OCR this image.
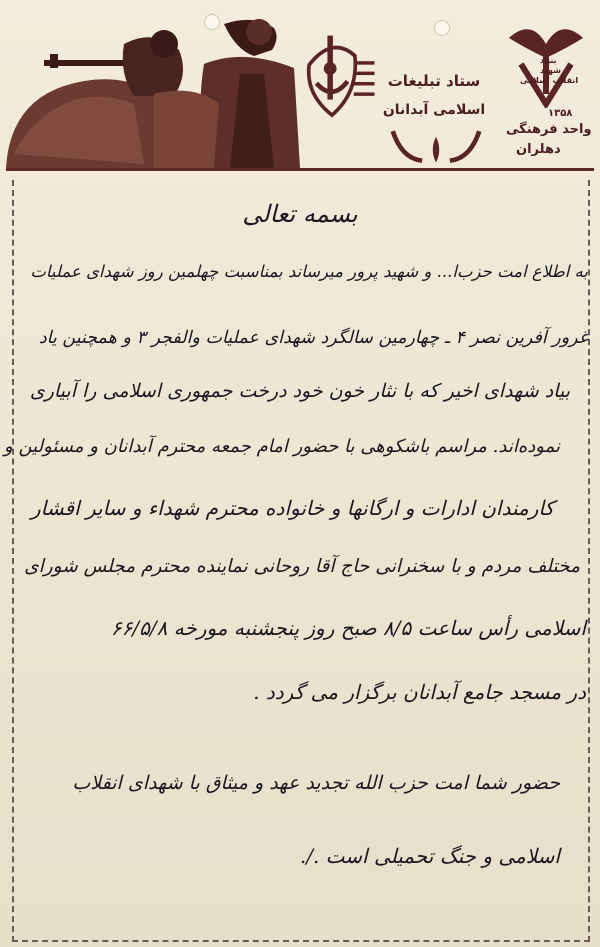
ستاد تبلیغات
اسلامی آبدانان
بنیاد
شهید
انقلاب اسلامی
۱۳۵۸
واحد فرهنگی
دهلران
بسمه تعالی
به اطلاع امت حزب‌ا... و شهید پرور میرساند بمناسبت چهلمین روز شهدای عملیات
غرور آفرین نصر ۴ ـ چهارمین سالگرد شهدای عملیات والفجر ۳ و همچنین یاد
بیاد شهدای اخیر که با نثار خون خود درخت جمهوری اسلامی را آبیاری
نموده‌اند. مراسم باشکوهی با حضور امام جمعه محترم آبدانان و مسئولین و
کارمندان ادارات و ارگانها و خانواده محترم شهداء و سایر اقشار
مختلف مردم و با سخنرانی حاج آقا روحانی نماینده محترم مجلس شورای
اسلامی رأس ساعت ۸/۵ صبح روز پنجشنبه مورخه ۶۶/۵/۸
در مسجد جامع آبدانان برگزار می گردد .
حضور شما امت حزب الله تجدید عهد و میثاق با شهدای انقلاب
اسلامی و جنگ تحمیلی است ./.
